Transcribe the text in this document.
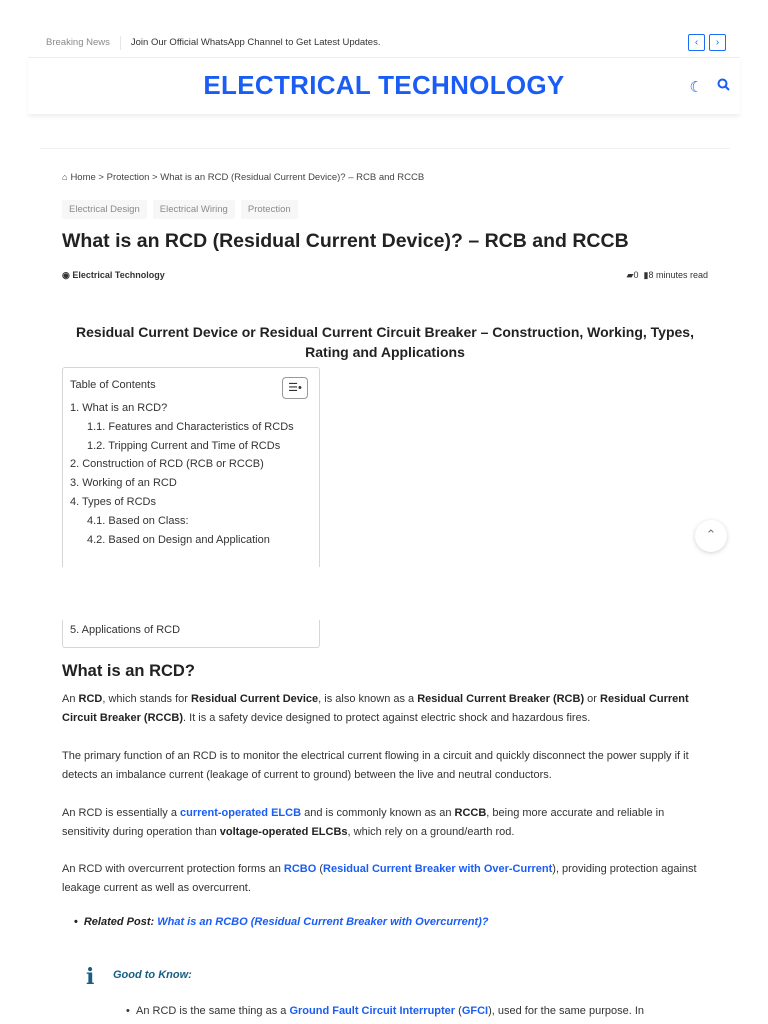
Breaking News	Join Our Official WhatsApp Channel to Get Latest Updates.	‹	›
ELECTRICAL TECHNOLOGY	☾
⌂ Home > Protection > What is an RCD (Residual Current Device)? – RCB and RCCB
Electrical Design	Electrical Wiring	Protection
What is an RCD (Residual Current Device)? – RCB and RCCB
◉ Electrical Technology	▰0 ▮8 minutes read
Residual Current Device or Residual Current Circuit Breaker – Construction, Working, Types, Rating and Applications
Table of Contents	☰•
1. What is an RCD?
1.1. Features and Characteristics of RCDs
1.2. Tripping Current and Time of RCDs
2. Construction of RCD (RCB or RCCB)
3. Working of an RCD
4. Types of RCDs
4.1. Based on Class:
4.2. Based on Design and Application	⌃
5. Applications of RCD
What is an RCD?

An RCD, which stands for Residual Current Device, is also known as a Residual Current Breaker (RCB) or Residual Current Circuit Breaker (RCCB). It is a safety device designed to protect against electric shock and hazardous fires.

The primary function of an RCD is to monitor the electrical current flowing in a circuit and quickly disconnect the power supply if it detects an imbalance current (leakage of current to ground) between the live and neutral conductors.

An RCD is essentially a current-operated ELCB and is commonly known as an RCCB, being more accurate and reliable in sensitivity during operation than voltage-operated ELCBs, which rely on a ground/earth rod.

An RCD with overcurrent protection forms an RCBO (Residual Current Breaker with Over-Current), providing protection against leakage current as well as overcurrent.

• Related Post: What is an RCBO (Residual Current Breaker with Overcurrent)?
i Good to Know:
• An RCD is the same thing as a Ground Fault Circuit Interrupter (GFCI), used for the same purpose. In
